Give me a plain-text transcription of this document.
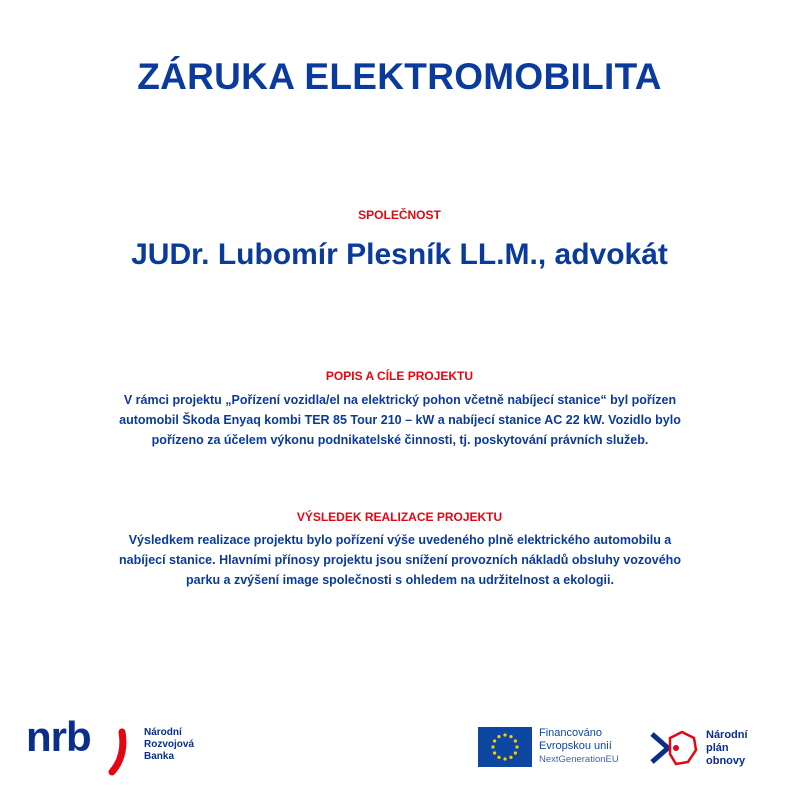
ZÁRUKA ELEKTROMOBILITA

SPOLEČNOST

JUDr. Lubomír Plesník LL.M., advokát

POPIS A CÍLE PROJEKTU

V rámci projektu „Pořízení vozidla/el na elektrický pohon včetně nabíjecí stanice“ byl pořízen
automobil Škoda Enyaq kombi TER 85 Tour 210 – kW a nabíjecí stanice AC 22 kW. Vozidlo bylo
pořízeno za účelem výkonu podnikatelské činnosti, tj. poskytování právních služeb.

VÝSLEDEK REALIZACE PROJEKTU

Výsledkem realizace projektu bylo pořízení výše uvedeného plně elektrického automobilu a
nabíjecí stanice. Hlavními přínosy projektu jsou snížení provozních nákladů obsluhy vozového
parku a zvýšení image společnosti s ohledem na udržitelnost a ekologii.
nrb	Národní
Rozvojová
Banka
Financováno
Evropskou unií
NextGenerationEU
Národní
plán
obnovy
